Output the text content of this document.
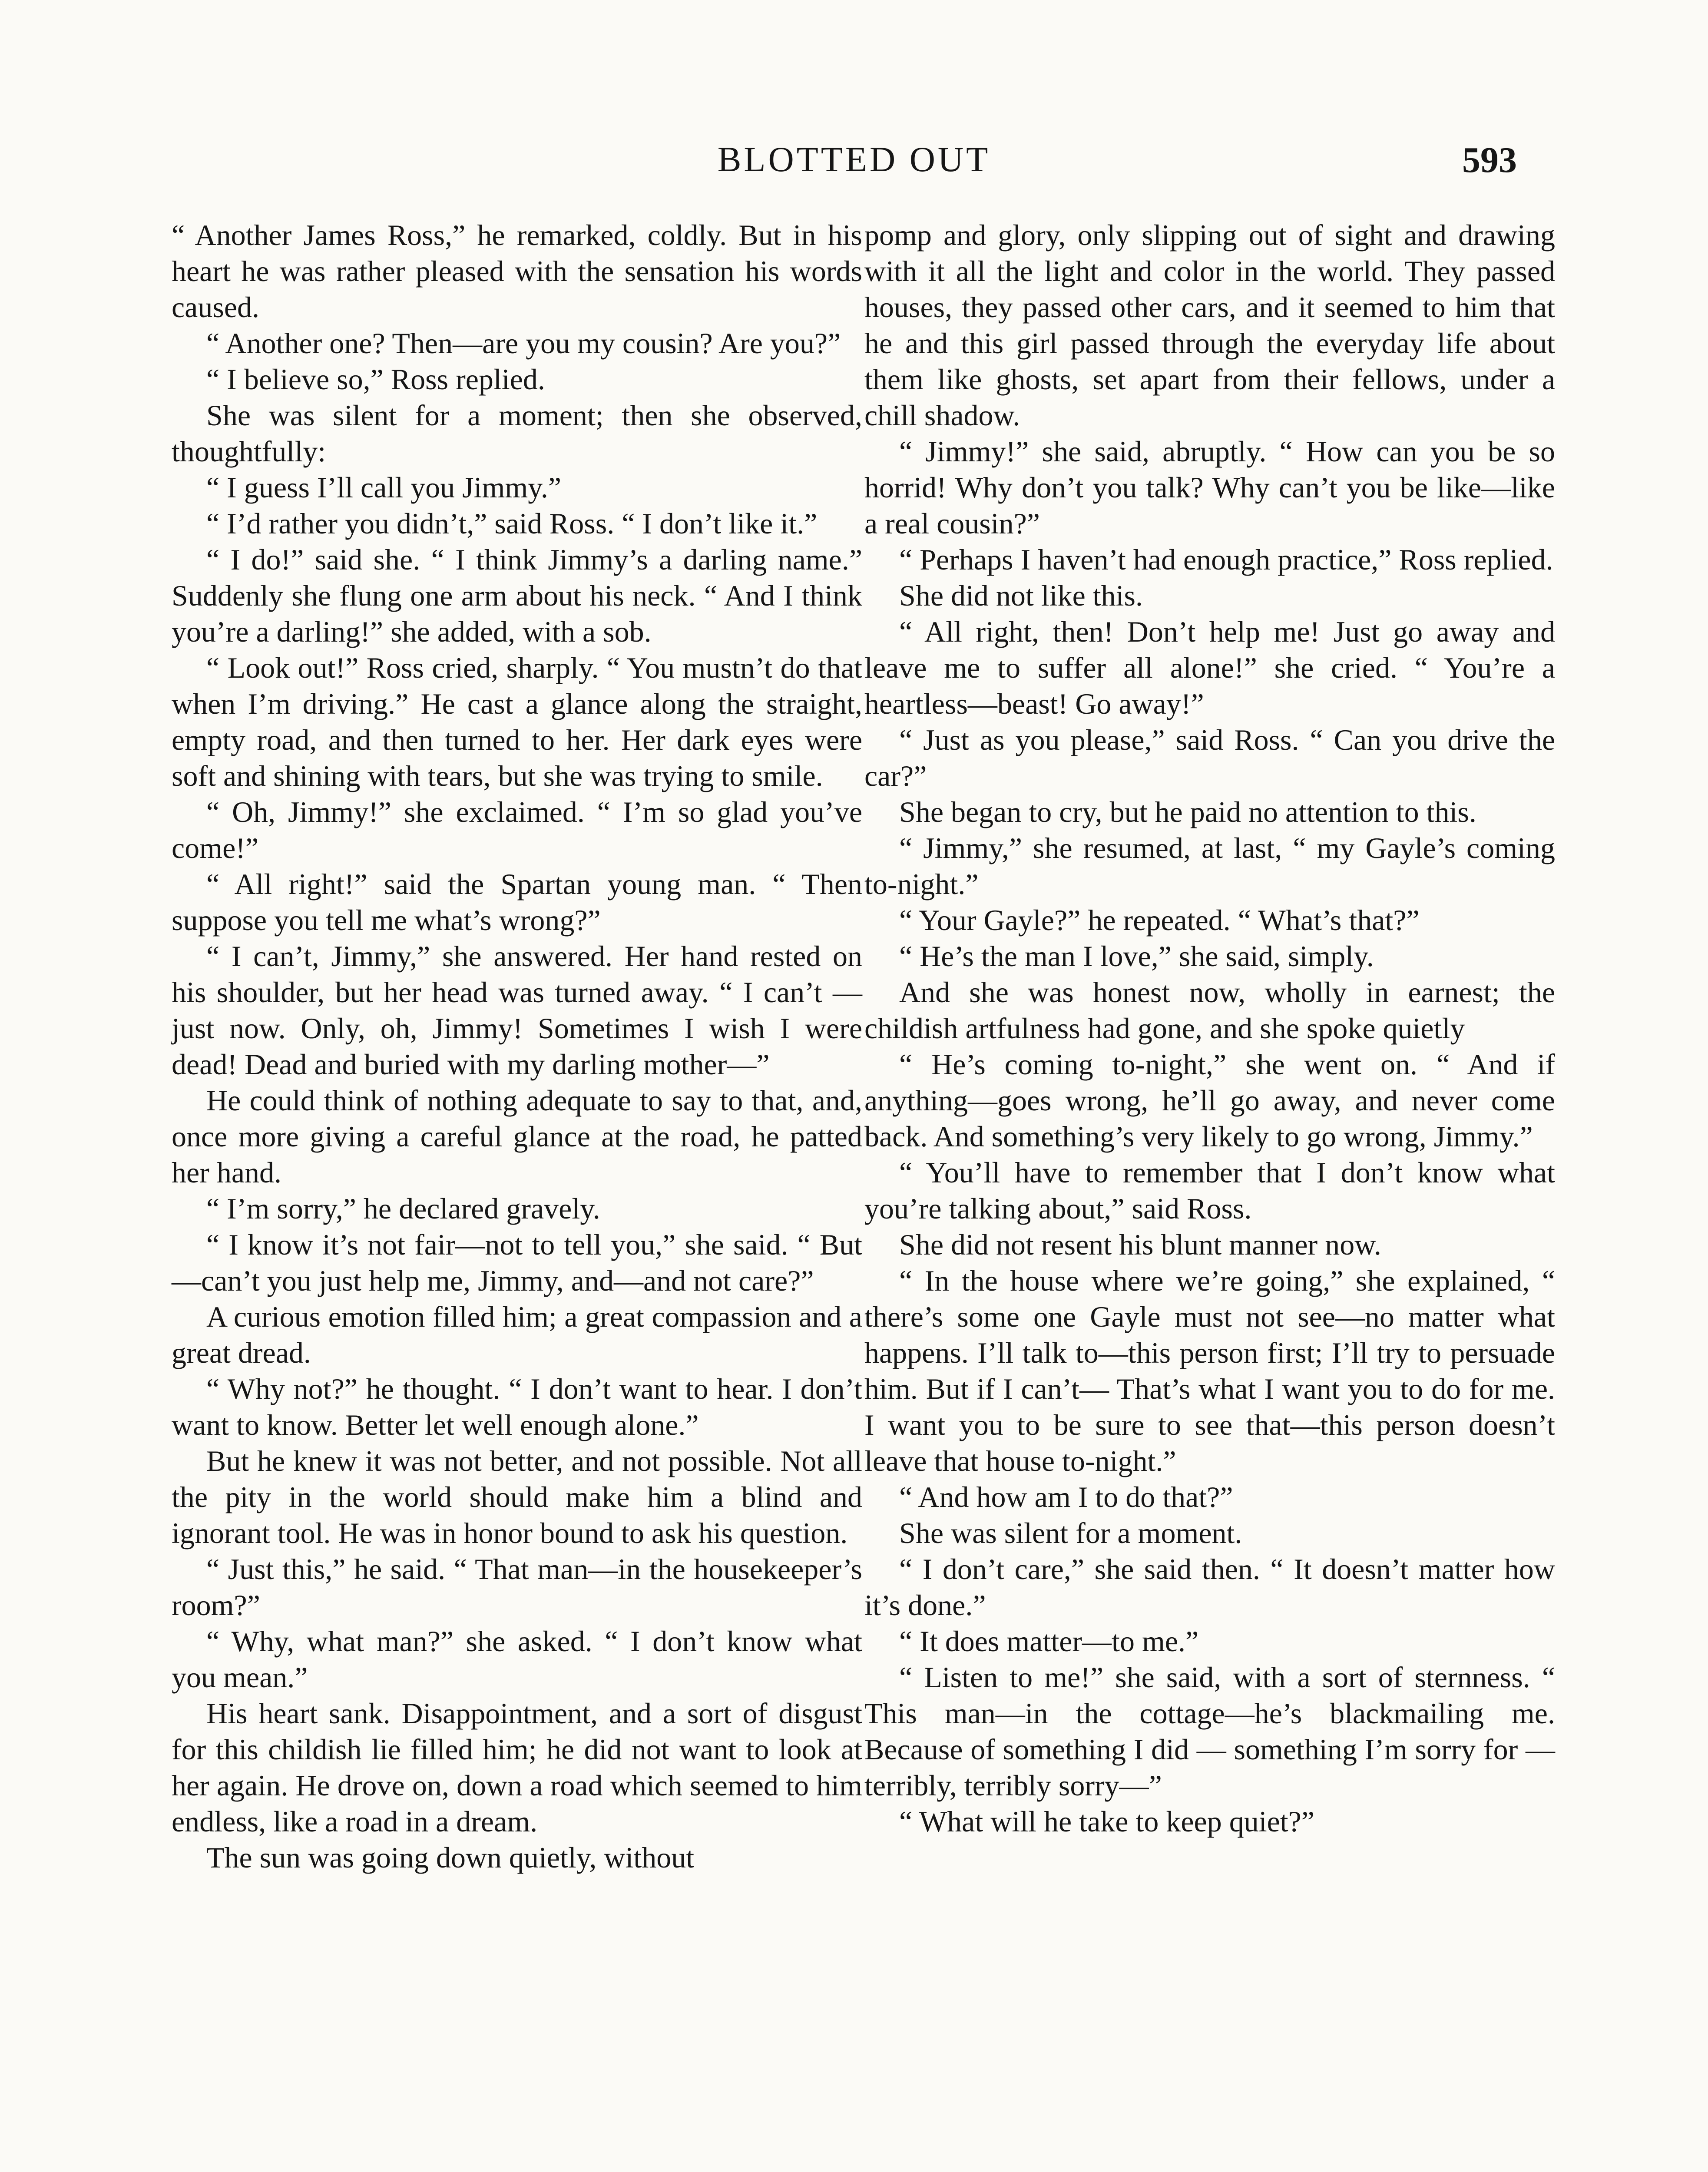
BLOTTED OUT	593

“ Another James Ross,” he remarked, coldly. But in his heart he was rather pleased with the sensation his words caused.

“ Another one? Then—are you my cousin? Are you?”

“ I believe so,” Ross replied.

She was silent for a moment; then she observed, thoughtfully:

“ I guess I’ll call you Jimmy.”

“ I’d rather you didn’t,” said Ross. “ I don’t like it.”

“ I do!” said she. “ I think Jimmy’s a darling name.” Suddenly she flung one arm about his neck. “ And I think you’re a darling!” she added, with a sob.

“ Look out!” Ross cried, sharply. “ You mustn’t do that when I’m driving.” He cast a glance along the straight, empty road, and then turned to her. Her dark eyes were soft and shining with tears, but she was trying to smile.

“ Oh, Jimmy!” she exclaimed. “ I’m so glad you’ve come!”

“ All right!” said the Spartan young man. “ Then suppose you tell me what’s wrong?”

“ I can’t, Jimmy,” she answered. Her hand rested on his shoulder, but her head was turned away. “ I can’t — just now. Only, oh, Jimmy! Sometimes I wish I were dead! Dead and buried with my darling mother—”

He could think of nothing adequate to say to that, and, once more giving a careful glance at the road, he patted her hand.

“ I’m sorry,” he declared gravely.

“ I know it’s not fair—not to tell you,” she said. “ But—can’t you just help me, Jimmy, and—and not care?”

A curious emotion filled him; a great compassion and a great dread.

“ Why not?” he thought. “ I don’t want to hear. I don’t want to know. Better let well enough alone.”

But he knew it was not better, and not possible. Not all the pity in the world should make him a blind and ignorant tool. He was in honor bound to ask his question.

“ Just this,” he said. “ That man—in the housekeeper’s room?”

“ Why, what man?” she asked. “ I don’t know what you mean.”

His heart sank. Disappointment, and a sort of disgust for this childish lie filled him; he did not want to look at her again. He drove on, down a road which seemed to him endless, like a road in a dream.

The sun was going down quietly, without

pomp and glory, only slipping out of sight and drawing with it all the light and color in the world. They passed houses, they passed other cars, and it seemed to him that he and this girl passed through the everyday life about them like ghosts, set apart from their fellows, under a chill shadow.

“ Jimmy!” she said, abruptly. “ How can you be so horrid! Why don’t you talk? Why can’t you be like—like a real cousin?”

“ Perhaps I haven’t had enough practice,” Ross replied.

She did not like this.

“ All right, then! Don’t help me! Just go away and leave me to suffer all alone!” she cried. “ You’re a heartless—beast! Go away!”

“ Just as you please,” said Ross. “ Can you drive the car?”

She began to cry, but he paid no attention to this.

“ Jimmy,” she resumed, at last, “ my Gayle’s coming to-night.”

“ Your Gayle?” he repeated. “ What’s that?”

“ He’s the man I love,” she said, simply.

And she was honest now, wholly in earnest; the childish artfulness had gone, and she spoke quietly

“ He’s coming to-night,” she went on. “ And if anything—goes wrong, he’ll go away, and never come back. And something’s very likely to go wrong, Jimmy.”

“ You’ll have to remember that I don’t know what you’re talking about,” said Ross.

She did not resent his blunt manner now.

“ In the house where we’re going,” she explained, “ there’s some one Gayle must not see—no matter what happens. I’ll talk to—this person first; I’ll try to persuade him. But if I can’t— That’s what I want you to do for me. I want you to be sure to see that—this person doesn’t leave that house to-night.”

“ And how am I to do that?”

She was silent for a moment.

“ I don’t care,” she said then. “ It doesn’t matter how it’s done.”

“ It does matter—to me.”

“ Listen to me!” she said, with a sort of sternness. “ This man—in the cottage—he’s blackmailing me. Because of something I did — something I’m sorry for — terribly, terribly sorry—”

“ What will he take to keep quiet?”
